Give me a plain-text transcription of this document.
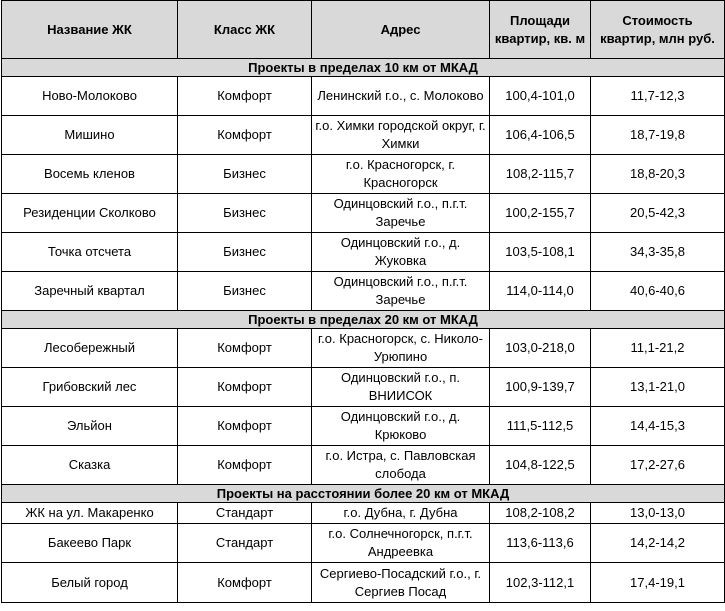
Название ЖК	Класс ЖК	Адрес	Площади квартир, кв. м	Стоимость квартир, млн руб.
Проекты в пределах 10 км от МКАД				
Ново-Молоково	Комфорт	Ленинский г.о., с. Молоково	100,4-101,0	11,7-12,3
Мишино	Комфорт	г.о. Химки городской округ, г. Химки	106,4-106,5	18,7-19,8
Восемь кленов	Бизнес	г.о. Красногорск, г. Красногорск	108,2-115,7	18,8-20,3
Резиденции Сколково	Бизнес	Одинцовский г.о., п.г.т. Заречье	100,2-155,7	20,5-42,3
Точка отсчета	Бизнес	Одинцовский г.о., д. Жуковка	103,5-108,1	34,3-35,8
Заречный квартал	Бизнес	Одинцовский г.о., п.г.т. Заречье	114,0-114,0	40,6-40,6
Проекты в пределах 20 км от МКАД				
Лесобережный	Комфорт	г.о. Красногорск, с. Николо-Урюпино	103,0-218,0	11,1-21,2
Грибовский лес	Комфорт	Одинцовский г.о., п. ВНИИСОК	100,9-139,7	13,1-21,0
Эльйон	Комфорт	Одинцовский г.о., д. Крюково	111,5-112,5	14,4-15,3
Сказка	Комфорт	г.о. Истра, с. Павловская слобода	104,8-122,5	17,2-27,6
Проекты на расстоянии более 20 км от МКАД				
ЖК на ул. Макаренко	Стандарт	г.о. Дубна, г. Дубна	108,2-108,2	13,0-13,0
Бакеево Парк	Стандарт	г.о. Солнечногорск, п.г.т. Андреевка	113,6-113,6	14,2-14,2
Белый город	Комфорт	Сергиево-Посадский г.о., г. Сергиев Посад	102,3-112,1	17,4-19,1
